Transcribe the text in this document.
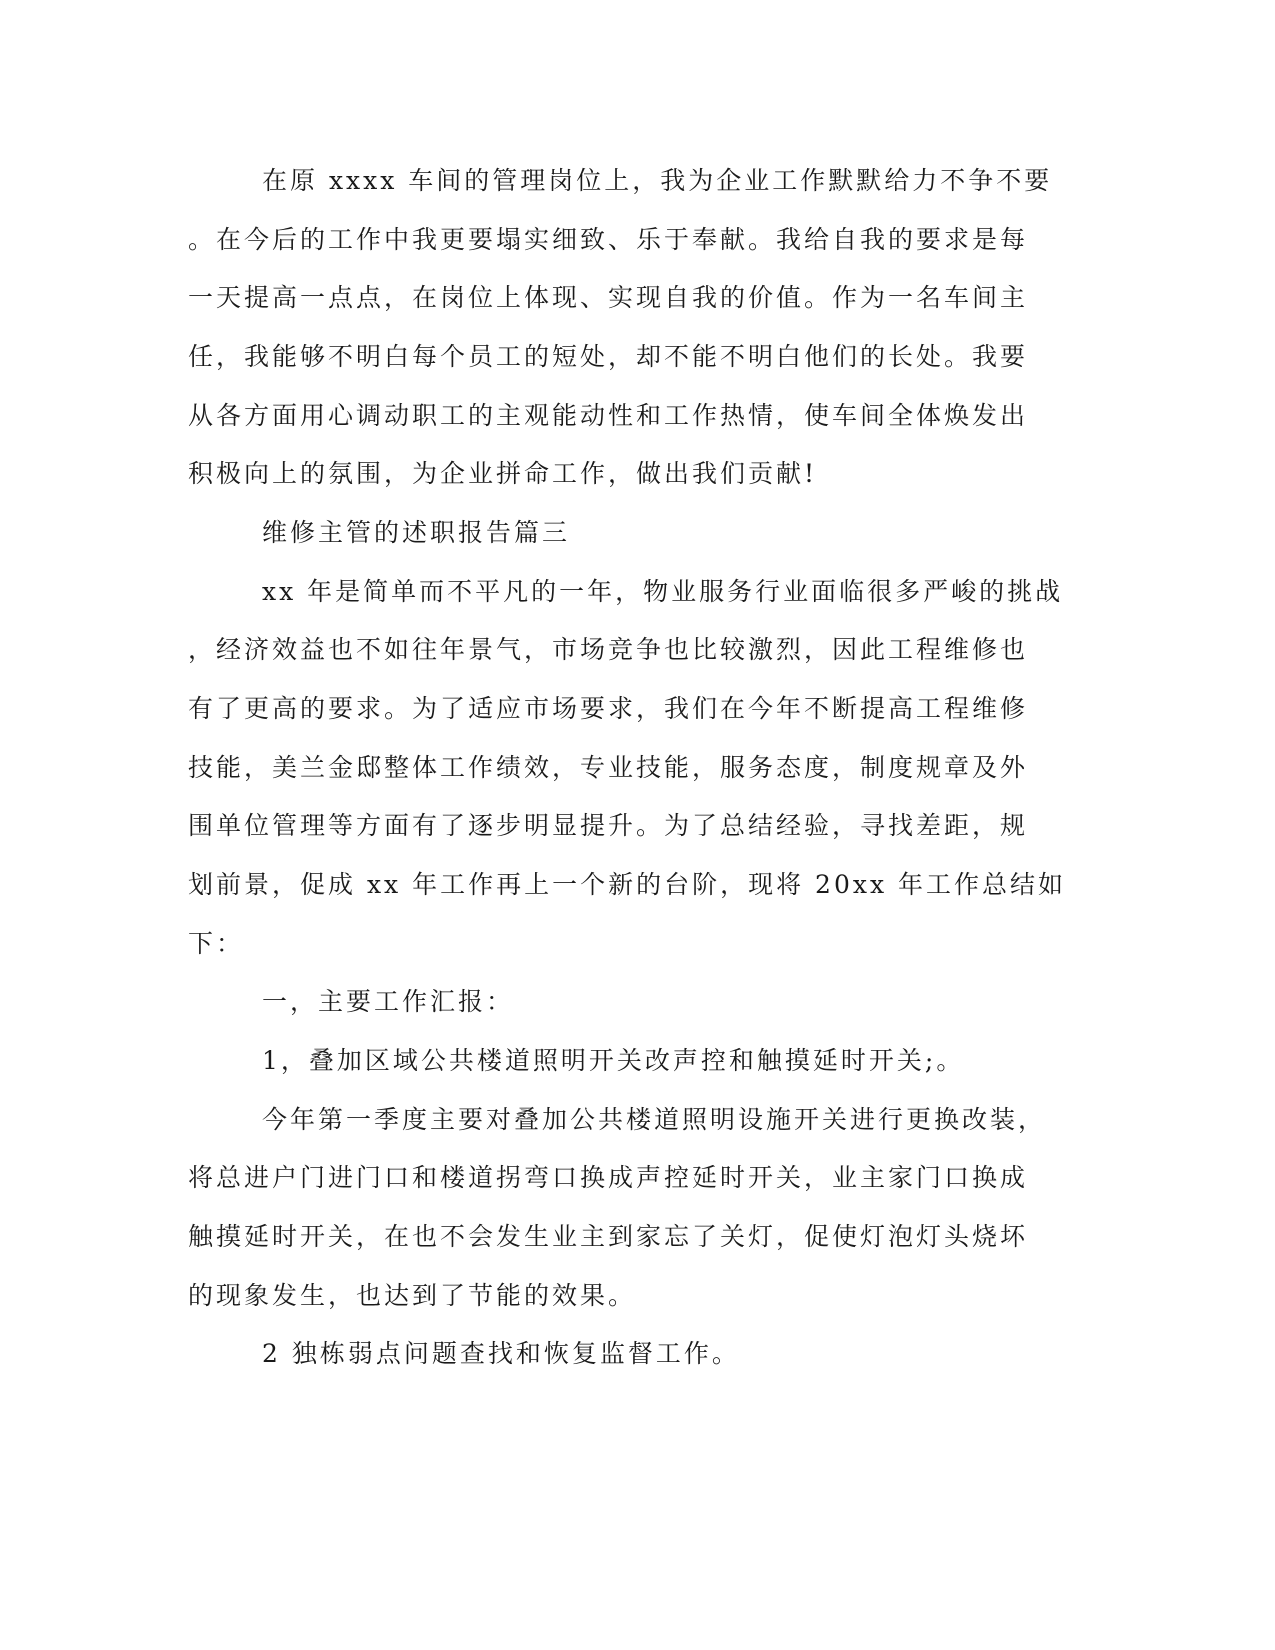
在原 xxxx 车间的管理岗位上，我为企业工作默默给力不争不要
。在今后的工作中我更要塌实细致、乐于奉献。我给自我的要求是每
一天提高一点点，在岗位上体现、实现自我的价值。作为一名车间主
任，我能够不明白每个员工的短处，却不能不明白他们的长处。我要
从各方面用心调动职工的主观能动性和工作热情，使车间全体焕发出
积极向上的氛围，为企业拼命工作，做出我们贡献!
维修主管的述职报告篇三
xx 年是简单而不平凡的一年，物业服务行业面临很多严峻的挑战
，经济效益也不如往年景气，市场竞争也比较激烈，因此工程维修也
有了更高的要求。为了适应市场要求，我们在今年不断提高工程维修
技能，美兰金邸整体工作绩效，专业技能，服务态度，制度规章及外
围单位管理等方面有了逐步明显提升。为了总结经验，寻找差距，规
划前景，促成 xx 年工作再上一个新的台阶，现将 20xx 年工作总结如
下：
一，主要工作汇报：
1，叠加区域公共楼道照明开关改声控和触摸延时开关;。
今年第一季度主要对叠加公共楼道照明设施开关进行更换改装，
将总进户门进门口和楼道拐弯口换成声控延时开关，业主家门口换成
触摸延时开关，在也不会发生业主到家忘了关灯，促使灯泡灯头烧坏
的现象发生，也达到了节能的效果。
2 独栋弱点问题查找和恢复监督工作。
